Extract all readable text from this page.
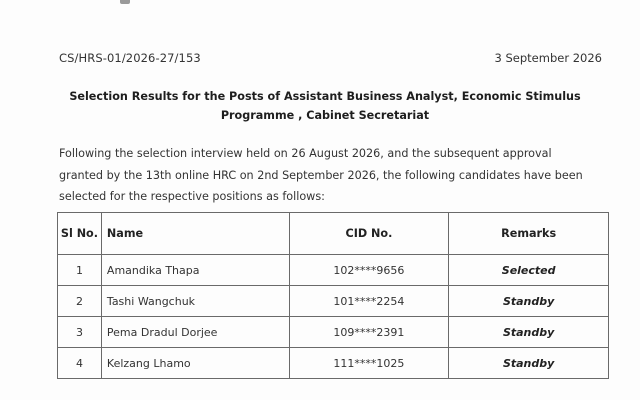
CS/HRS-01/2026-27/153	3 September 2026
Selection Results for the Posts of Assistant Business Analyst, Economic Stimulus
Programme , Cabinet Secretariat
Following the selection interview held on 26 August 2026, and the subsequent approval
granted by the 13th online HRC on 2nd September 2026, the following candidates have been
selected for the respective positions as follows:
Sl No.	Name	CID No.	Remarks
1	Amandika Thapa	102****9656	Selected
2	Tashi Wangchuk	101****2254	Standby
3	Pema Dradul Dorjee	109****2391	Standby
4	Kelzang Lhamo	111****1025	Standby
